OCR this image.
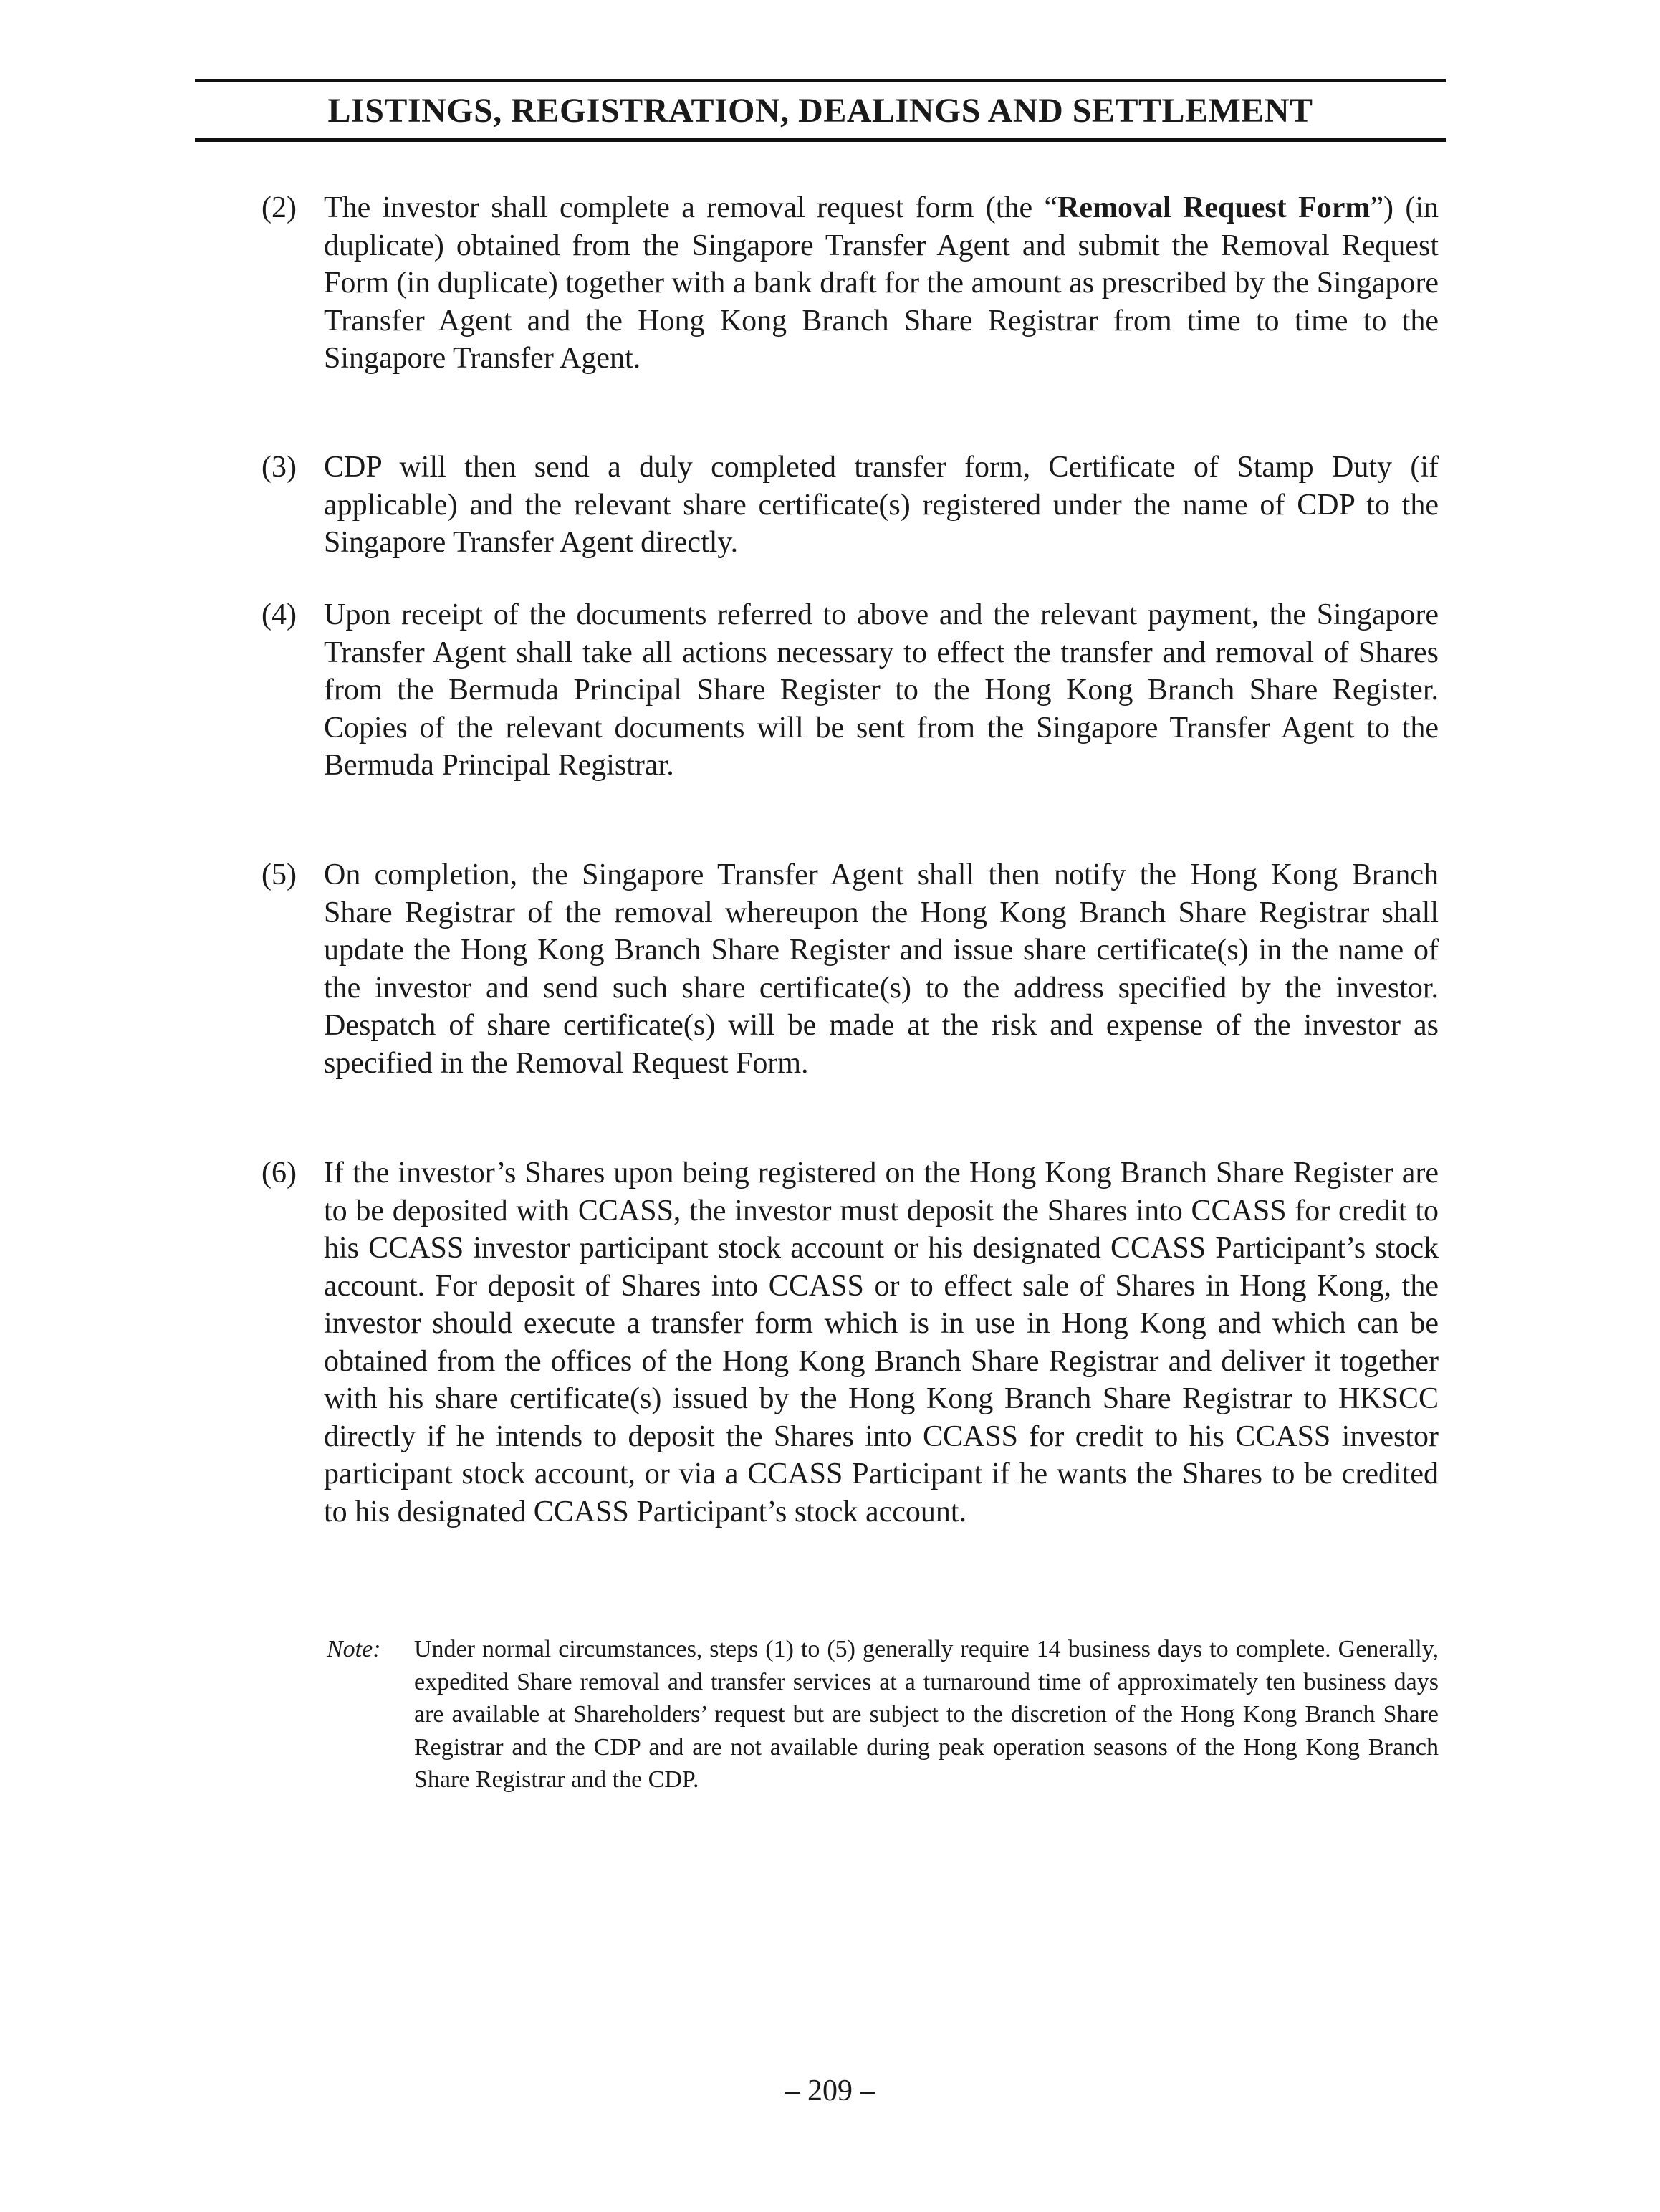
LISTINGS, REGISTRATION, DEALINGS AND SETTLEMENT
(2) The investor shall complete a removal request form (the “Removal Request Form”) (in duplicate) obtained from the Singapore Transfer Agent and submit the Removal Request Form (in duplicate) together with a bank draft for the amount as prescribed by the Singapore Transfer Agent and the Hong Kong Branch Share Registrar from time to time to the Singapore Transfer Agent.
(3) CDP will then send a duly completed transfer form, Certificate of Stamp Duty (if applicable) and the relevant share certificate(s) registered under the name of CDP to the Singapore Transfer Agent directly.
(4) Upon receipt of the documents referred to above and the relevant payment, the Singapore Transfer Agent shall take all actions necessary to effect the transfer and removal of Shares from the Bermuda Principal Share Register to the Hong Kong Branch Share Register. Copies of the relevant documents will be sent from the Singapore Transfer Agent to the Bermuda Principal Registrar.
(5) On completion, the Singapore Transfer Agent shall then notify the Hong Kong Branch Share Registrar of the removal whereupon the Hong Kong Branch Share Registrar shall update the Hong Kong Branch Share Register and issue share certificate(s) in the name of the investor and send such share certificate(s) to the address specified by the investor. Despatch of share certificate(s) will be made at the risk and expense of the investor as specified in the Removal Request Form.
(6) If the investor’s Shares upon being registered on the Hong Kong Branch Share Register are to be deposited with CCASS, the investor must deposit the Shares into CCASS for credit to his CCASS investor participant stock account or his designated CCASS Participant’s stock account. For deposit of Shares into CCASS or to effect sale of Shares in Hong Kong, the investor should execute a transfer form which is in use in Hong Kong and which can be obtained from the offices of the Hong Kong Branch Share Registrar and deliver it together with his share certificate(s) issued by the Hong Kong Branch Share Registrar to HKSCC directly if he intends to deposit the Shares into CCASS for credit to his CCASS investor participant stock account, or via a CCASS Participant if he wants the Shares to be credited to his designated CCASS Participant’s stock account.
Note: Under normal circumstances, steps (1) to (5) generally require 14 business days to complete. Generally, expedited Share removal and transfer services at a turnaround time of approximately ten business days are available at Shareholders’ request but are subject to the discretion of the Hong Kong Branch Share Registrar and the CDP and are not available during peak operation seasons of the Hong Kong Branch Share Registrar and the CDP.
– 209 –
